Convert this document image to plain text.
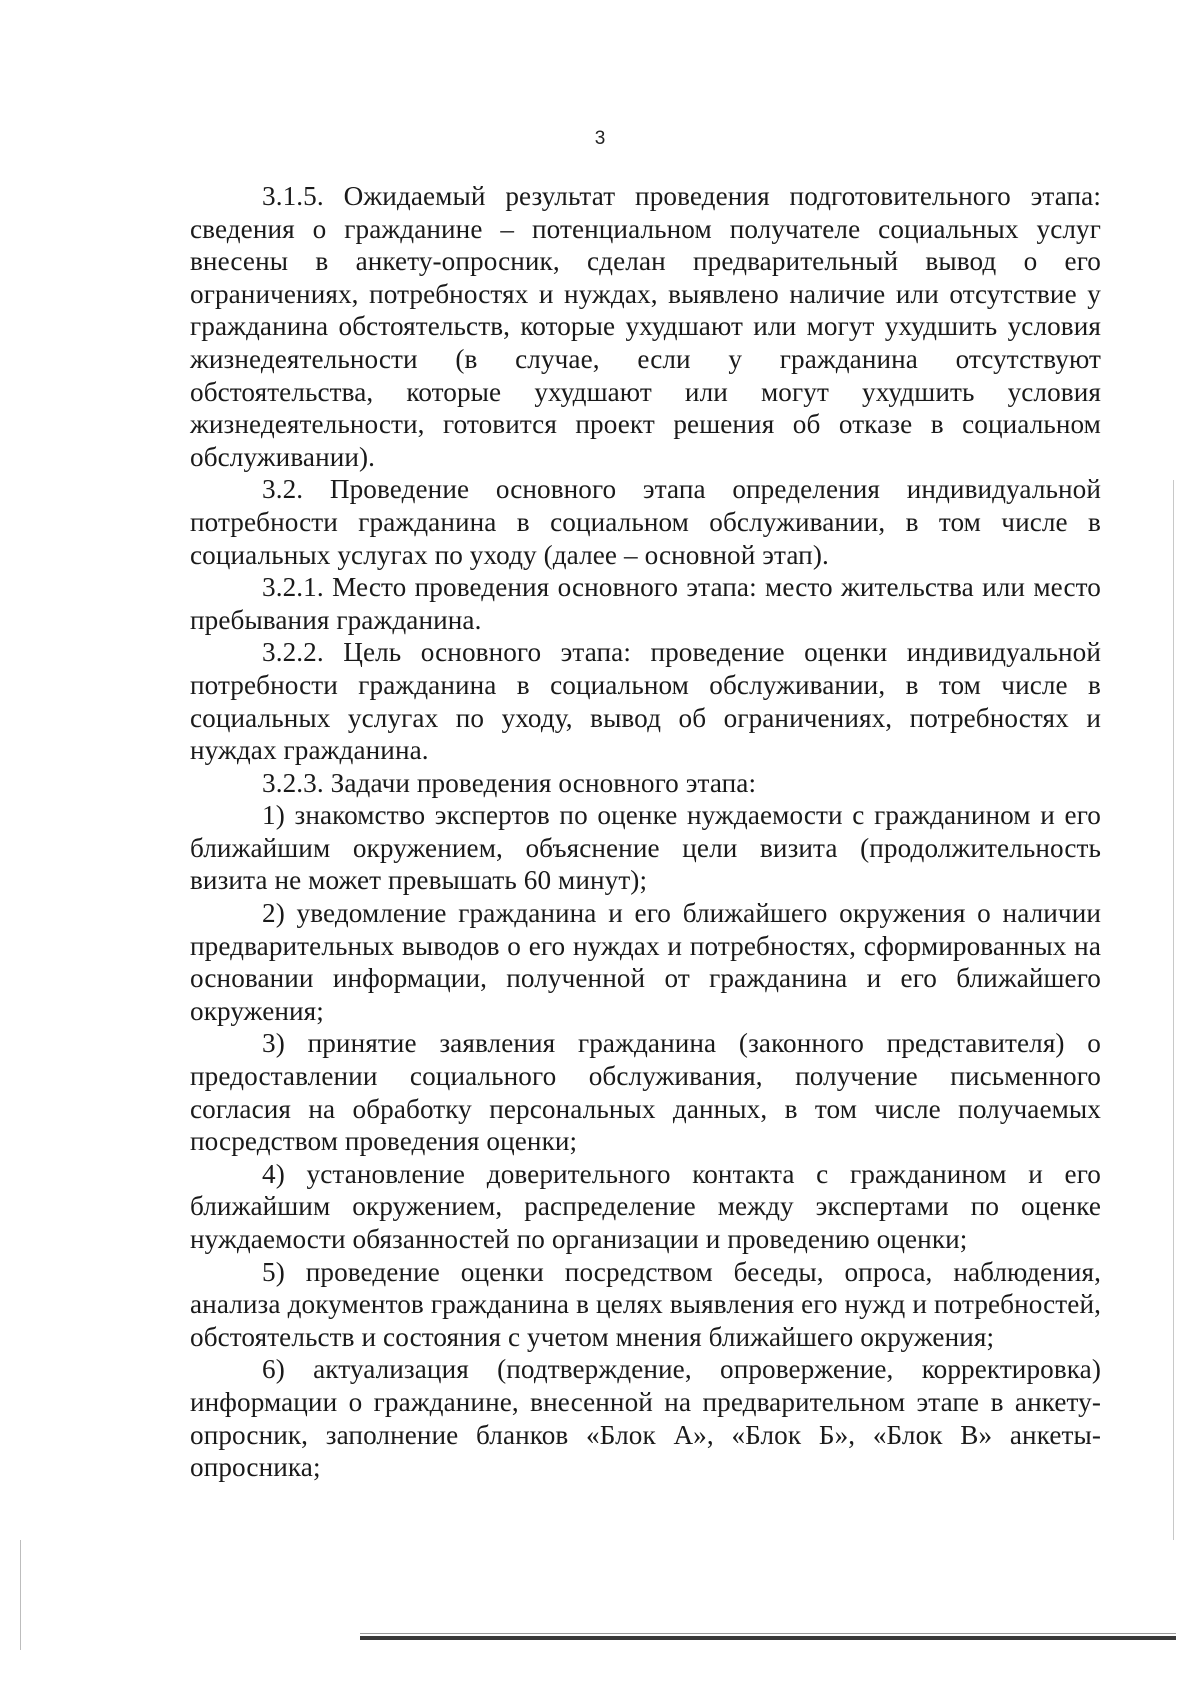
3

3.1.5. Ожидаемый результат проведения подготовительного этапа: сведения о гражданине – потенциальном получателе социальных услуг внесены в анкету-опросник, сделан предварительный вывод о его ограничениях, потребностях и нуждах, выявлено наличие или отсутствие у гражданина обстоятельств, которые ухудшают или могут ухудшить условия жизнедеятельности (в случае, если у гражданина отсутствуют обстоятельства, которые ухудшают или могут ухудшить условия жизнедеятельности, готовится проект решения об отказе в социальном обслуживании).

3.2. Проведение основного этапа определения индивидуальной потребности гражданина в социальном обслуживании, в том числе в социальных услугах по уходу (далее – основной этап).

3.2.1. Место проведения основного этапа: место жительства или место пребывания гражданина.

3.2.2. Цель основного этапа: проведение оценки индивидуальной потребности гражданина в социальном обслуживании, в том числе в социальных услугах по уходу, вывод об ограничениях, потребностях и нуждах гражданина.

3.2.3. Задачи проведения основного этапа:

1) знакомство экспертов по оценке нуждаемости с гражданином и его ближайшим окружением, объяснение цели визита (продолжительность визита не может превышать 60 минут);

2) уведомление гражданина и его ближайшего окружения о наличии предварительных выводов о его нуждах и потребностях, сформированных на основании информации, полученной от гражданина и его ближайшего окружения;

3) принятие заявления гражданина (законного представителя) о предоставлении социального обслуживания, получение письменного согласия на обработку персональных данных, в том числе получаемых посредством проведения оценки;

4) установление доверительного контакта с гражданином и его ближайшим окружением, распределение между экспертами по оценке нуждаемости обязанностей по организации и проведению оценки;

5) проведение оценки посредством беседы, опроса, наблюдения, анализа документов гражданина в целях выявления его нужд и потребностей, обстоятельств и состояния с учетом мнения ближайшего окружения;

6) актуализация (подтверждение, опровержение, корректировка) информации о гражданине, внесенной на предварительном этапе в анкету-опросник, заполнение бланков «Блок А», «Блок Б», «Блок В» анкеты-опросника;
